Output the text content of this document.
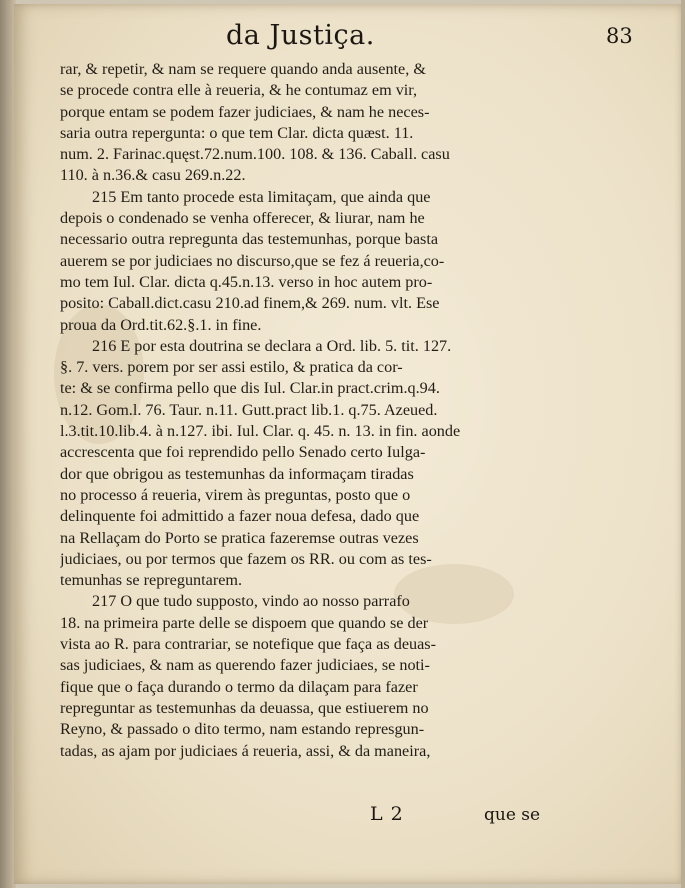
da Justiça.	83
rar, & repetir, & nam se requere quando anda ausente, &
se procede contra elle à reueria, & he contumaz em vir,
porque entam se podem fazer judiciaes, & nam he neces-
saria outra repergunta: o que tem Clar. dicta quæst. 11.
num. 2. Farinac.quęst.72.num.100. 108. & 136. Caball. casu
110. à n.36.& casu 269.n.22.
215 Em tanto procede esta limitaçam, que ainda que
depois o condenado se venha offerecer, & liurar, nam he
necessario outra repregunta das testemunhas, porque basta
auerem se por judiciaes no discurso,que se fez á reueria,co-
mo tem Iul. Clar. dicta q.45.n.13. verso in hoc autem pro-
posito: Caball.dict.casu 210.ad finem,& 269. num. vlt. Ese
proua da Ord.tit.62.§.1. in fine.
216 E por esta doutrina se declara a Ord. lib. 5. tit. 127.
§. 7. vers. porem por ser assi estilo, & pratica da cor-
te: & se confirma pello que dis Iul. Clar.in pract.crim.q.94.
n.12. Gom.l. 76. Taur. n.11. Gutt.pract lib.1. q.75. Azeued.
l.3.tit.10.lib.4. à n.127. ibi. Iul. Clar. q. 45. n. 13. in fin. aonde
accrescenta que foi reprendido pello Senado certo Iulga-
dor que obrigou as testemunhas da informaçam tiradas
no processo á reueria, virem às preguntas, posto que o
delinquente foi admittido a fazer noua defesa, dado que
na Rellaçam do Porto se pratica fazeremse outras vezes
judiciaes, ou por termos que fazem os RR. ou com as tes-
temunhas se repreguntarem.
217 O que tudo supposto, vindo ao nosso parrafo
18. na primeira parte delle se dispoem que quando se der
vista ao R. para contrariar, se notefique que faça as deuas-
sas judiciaes, & nam as querendo fazer judiciaes, se noti-
fique que o faça durando o termo da dilaçam para fazer
repreguntar as testemunhas da deuassa, que estiuerem no
Reyno, & passado o dito termo, nam estando represgun-
tadas, as ajam por judiciaes á reueria, assi, & da maneira,
L 2	que se
